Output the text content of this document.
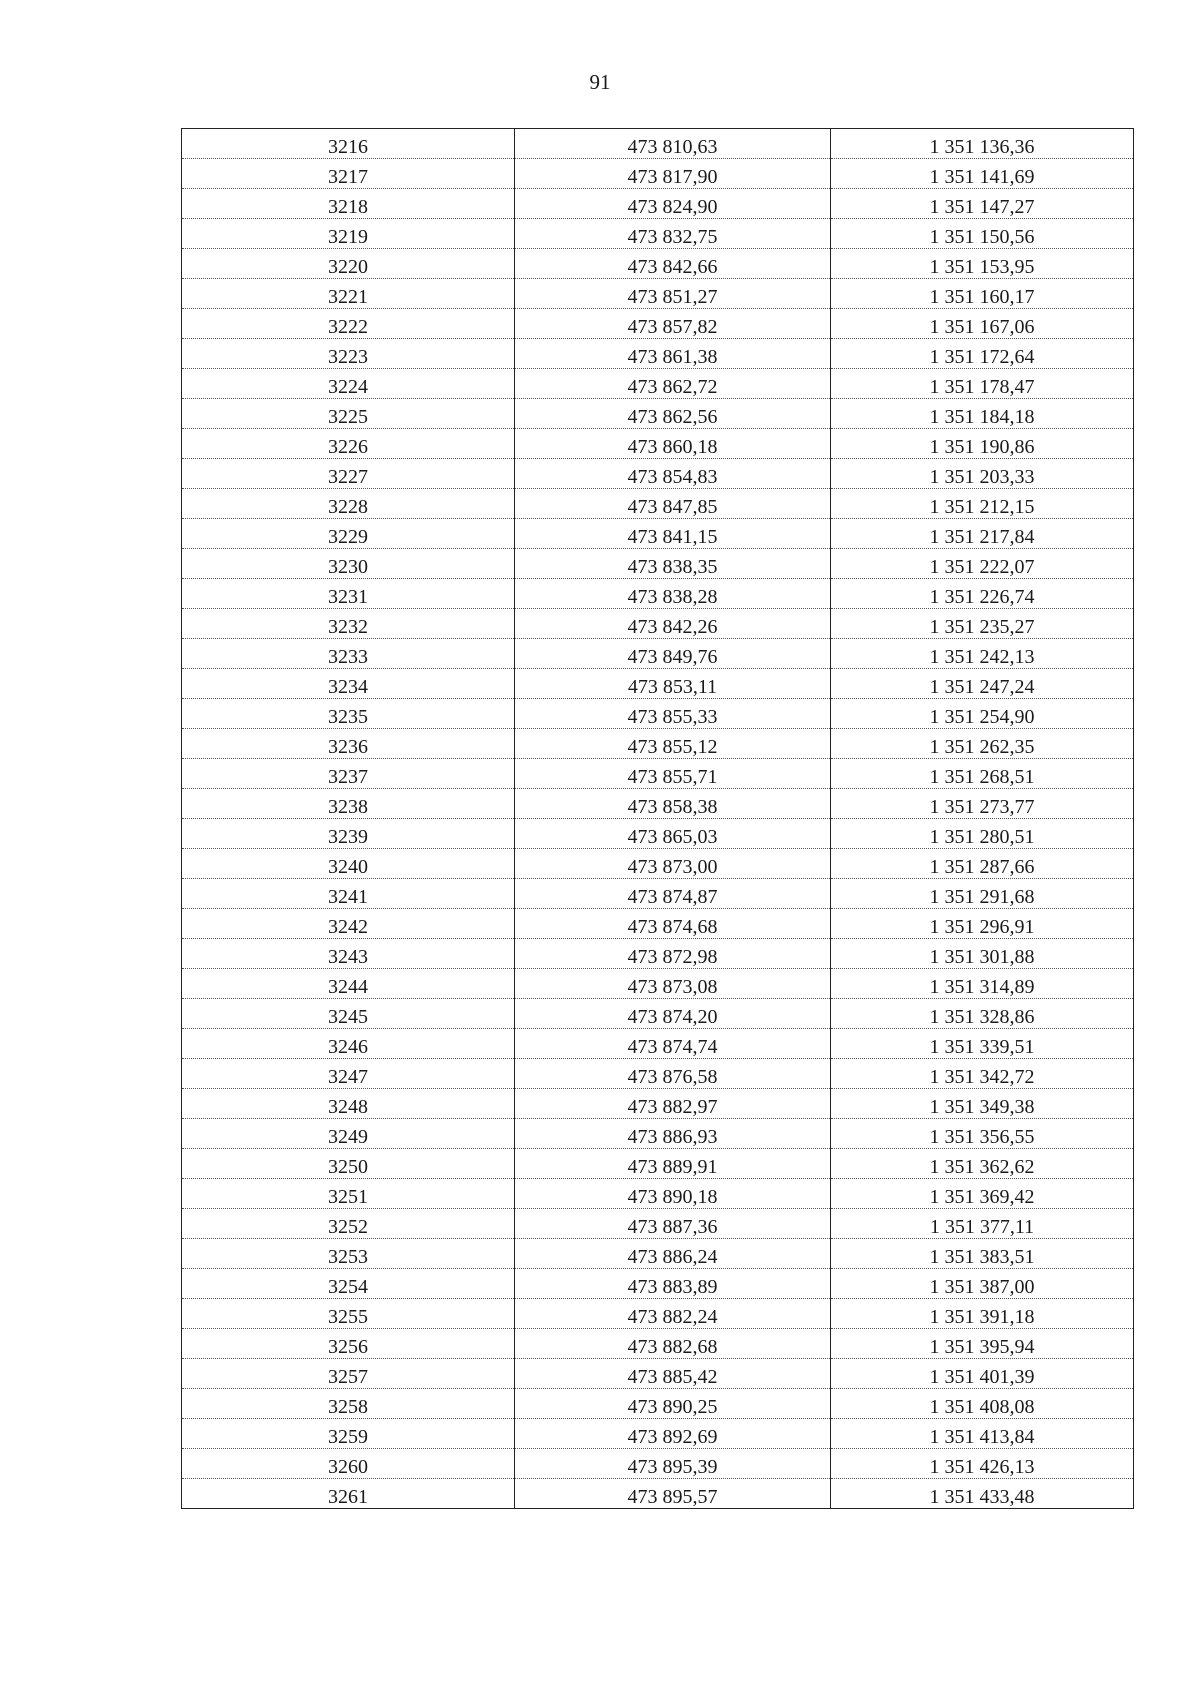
91
3216	473 810,63	1 351 136,36
3217	473 817,90	1 351 141,69
3218	473 824,90	1 351 147,27
3219	473 832,75	1 351 150,56
3220	473 842,66	1 351 153,95
3221	473 851,27	1 351 160,17
3222	473 857,82	1 351 167,06
3223	473 861,38	1 351 172,64
3224	473 862,72	1 351 178,47
3225	473 862,56	1 351 184,18
3226	473 860,18	1 351 190,86
3227	473 854,83	1 351 203,33
3228	473 847,85	1 351 212,15
3229	473 841,15	1 351 217,84
3230	473 838,35	1 351 222,07
3231	473 838,28	1 351 226,74
3232	473 842,26	1 351 235,27
3233	473 849,76	1 351 242,13
3234	473 853,11	1 351 247,24
3235	473 855,33	1 351 254,90
3236	473 855,12	1 351 262,35
3237	473 855,71	1 351 268,51
3238	473 858,38	1 351 273,77
3239	473 865,03	1 351 280,51
3240	473 873,00	1 351 287,66
3241	473 874,87	1 351 291,68
3242	473 874,68	1 351 296,91
3243	473 872,98	1 351 301,88
3244	473 873,08	1 351 314,89
3245	473 874,20	1 351 328,86
3246	473 874,74	1 351 339,51
3247	473 876,58	1 351 342,72
3248	473 882,97	1 351 349,38
3249	473 886,93	1 351 356,55
3250	473 889,91	1 351 362,62
3251	473 890,18	1 351 369,42
3252	473 887,36	1 351 377,11
3253	473 886,24	1 351 383,51
3254	473 883,89	1 351 387,00
3255	473 882,24	1 351 391,18
3256	473 882,68	1 351 395,94
3257	473 885,42	1 351 401,39
3258	473 890,25	1 351 408,08
3259	473 892,69	1 351 413,84
3260	473 895,39	1 351 426,13
3261	473 895,57	1 351 433,48
